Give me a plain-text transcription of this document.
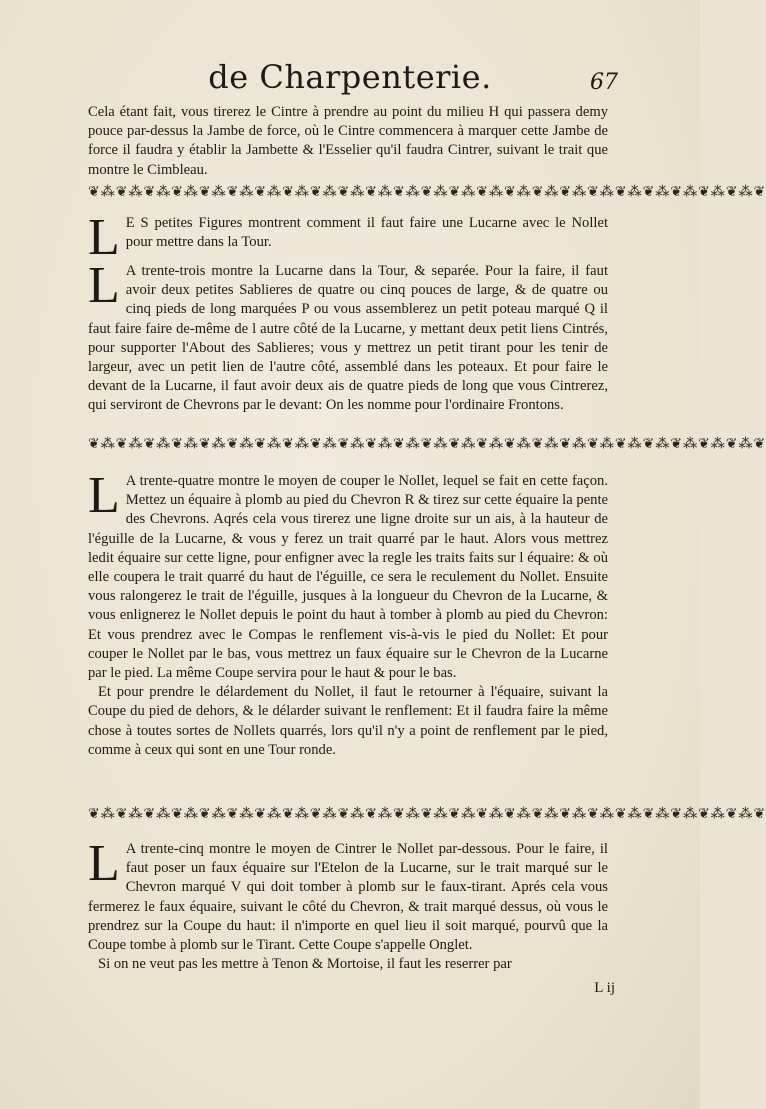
de Charpenterie.	67

Cela étant fait, vous tirerez le Cintre à prendre au point du milieu H qui passera demy pouce par-dessus la Jambe de force, où le Cintre commencera à marquer cette Jambe de force il faudra y établir la Jambette & l'Esselier qu'il faudra Cintrer, suivant le trait que montre le Cimbleau.

❦⁂❦⁂❦⁂❦⁂❦⁂❦⁂❦⁂❦⁂❦⁂❦⁂❦⁂❦⁂❦⁂❦⁂❦⁂❦⁂❦⁂❦⁂❦⁂❦⁂❦⁂❦⁂❦⁂❦⁂❦
L E S petites Figures montrent comment il faut faire une Lucarne avec le Nollet pour mettre dans la Tour.

L A trente-trois montre la Lucarne dans la Tour, & separée. Pour la faire, il faut avoir deux petites Sablieres de quatre ou cinq pouces de large, & de quatre ou cinq pieds de long marquées P ou vous assemblerez un petit poteau marqué Q il faut faire faire de-même de l autre côté de la Lucarne, y mettant deux petit liens Cintrés, pour supporter l'About des Sablieres; vous y mettrez un petit tirant pour les tenir de largeur, avec un petit lien de l'autre côté, assemblé dans les poteaux. Et pour faire le devant de la Lucarne, il faut avoir deux ais de quatre pieds de long que vous Cintrerez, qui serviront de Chevrons par le devant: On les nomme pour l'ordinaire Frontons.

❦⁂❦⁂❦⁂❦⁂❦⁂❦⁂❦⁂❦⁂❦⁂❦⁂❦⁂❦⁂❦⁂❦⁂❦⁂❦⁂❦⁂❦⁂❦⁂❦⁂❦⁂❦⁂❦⁂❦⁂❦
L A trente-quatre montre le moyen de couper le Nollet, lequel se fait en cette façon. Mettez un équaire à plomb au pied du Chevron R & tirez sur cette équaire la pente des Chevrons. Aqrés cela vous tirerez une ligne droite sur un ais, à la hauteur de l'éguille de la Lucarne, & vous y ferez un trait quarré par le haut. Alors vous mettrez ledit équaire sur cette ligne, pour enfigner avec la regle les traits faits sur l équaire: & où elle coupera le trait quarré du haut de l'éguille, ce sera le reculement du Nollet. Ensuite vous ralongerez le trait de l'éguille, jusques à la longueur du Chevron de la Lucarne, & vous enlignerez le Nollet depuis le point du haut à tomber à plomb au pied du Chevron: Et vous prendrez avec le Compas le renflement vis-à-vis le pied du Nollet: Et pour couper le Nollet par le bas, vous mettrez un faux équaire sur le Chevron de la Lucarne par le pied. La même Coupe servira pour le haut & pour le bas.

Et pour prendre le délardement du Nollet, il faut le retourner à l'équaire, suivant la Coupe du pied de dehors, & le délarder suivant le renflement: Et il faudra faire la même chose à toutes sortes de Nollets quarrés, lors qu'il n'y a point de renflement par le pied, comme à ceux qui sont en une Tour ronde.

❦⁂❦⁂❦⁂❦⁂❦⁂❦⁂❦⁂❦⁂❦⁂❦⁂❦⁂❦⁂❦⁂❦⁂❦⁂❦⁂❦⁂❦⁂❦⁂❦⁂❦⁂❦⁂❦⁂❦⁂❦
L A trente-cinq montre le moyen de Cintrer le Nollet par-dessous. Pour le faire, il faut poser un faux équaire sur l'Etelon de la Lucarne, sur le trait marqué sur le Chevron marqué V qui doit tomber à plomb sur le faux-tirant. Aprés cela vous fermerez le faux équaire, suivant le côté du Chevron, & trait marqué dessus, où vous le prendrez sur la Coupe du haut: il n'importe en quel lieu il soit marqué, pourvû que la Coupe tombe à plomb sur le Tirant. Cette Coupe s'appelle Onglet.

Si on ne veut pas les mettre à Tenon & Mortoise, il faut les reserrer par

L ij
